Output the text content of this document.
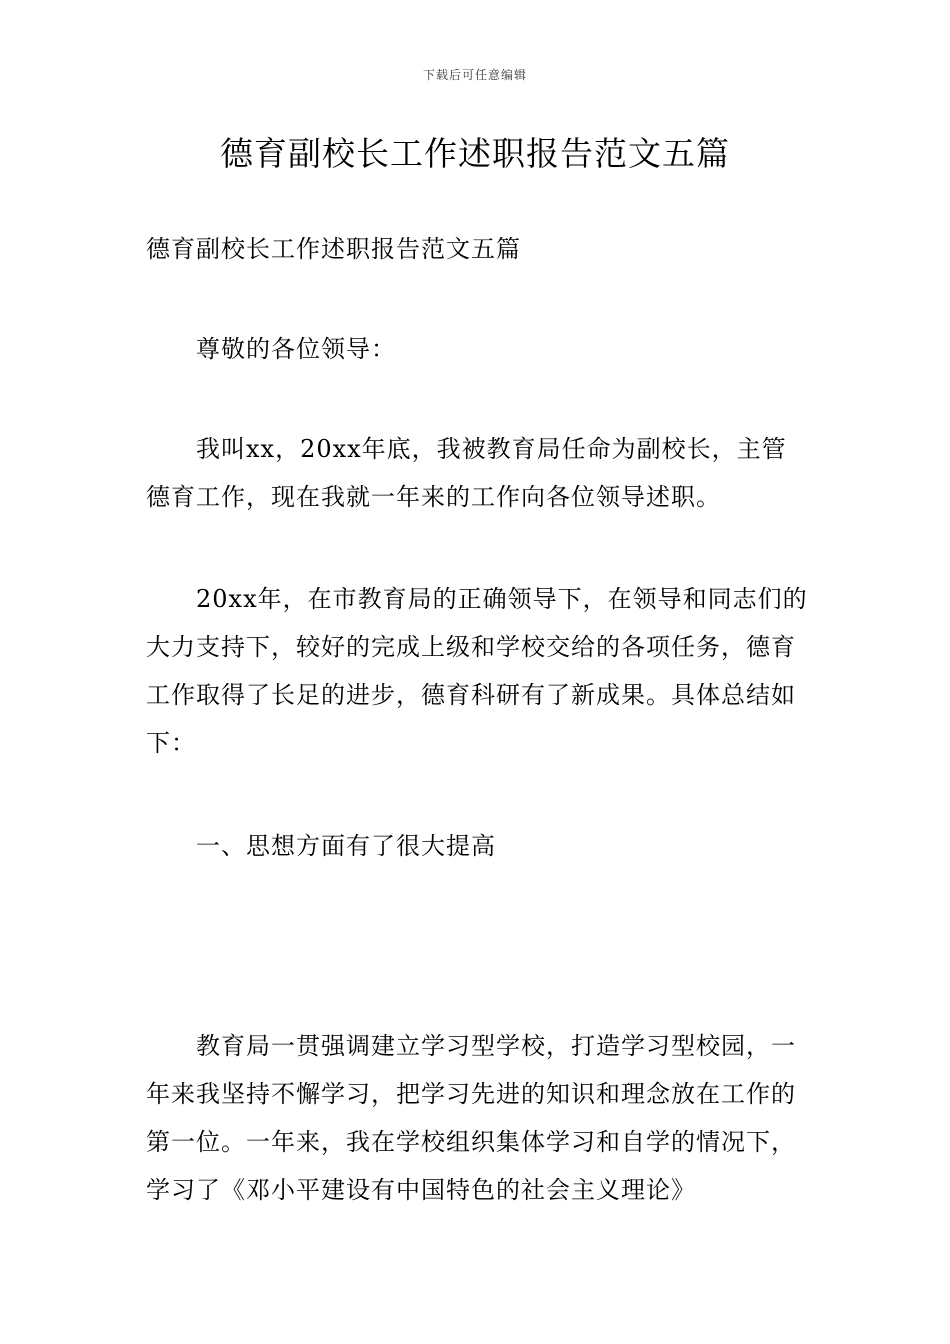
下载后可任意编辑
德育副校长工作述职报告范文五篇
德育副校长工作述职报告范文五篇
尊敬的各位领导：
我叫xx，20xx年底，我被教育局任命为副校长，主管德育工作，现在我就一年来的工作向各位领导述职。
20xx年，在市教育局的正确领导下，在领导和同志们的大力支持下，较好的完成上级和学校交给的各项任务，德育工作取得了长足的进步，德育科研有了新成果。具体总结如下：
一、思想方面有了很大提高
教育局一贯强调建立学习型学校，打造学习型校园，一年来我坚持不懈学习，把学习先进的知识和理念放在工作的第一位。一年来，我在学校组织集体学习和自学的情况下，学习了《邓小平建设有中国特色的社会主义理论》
